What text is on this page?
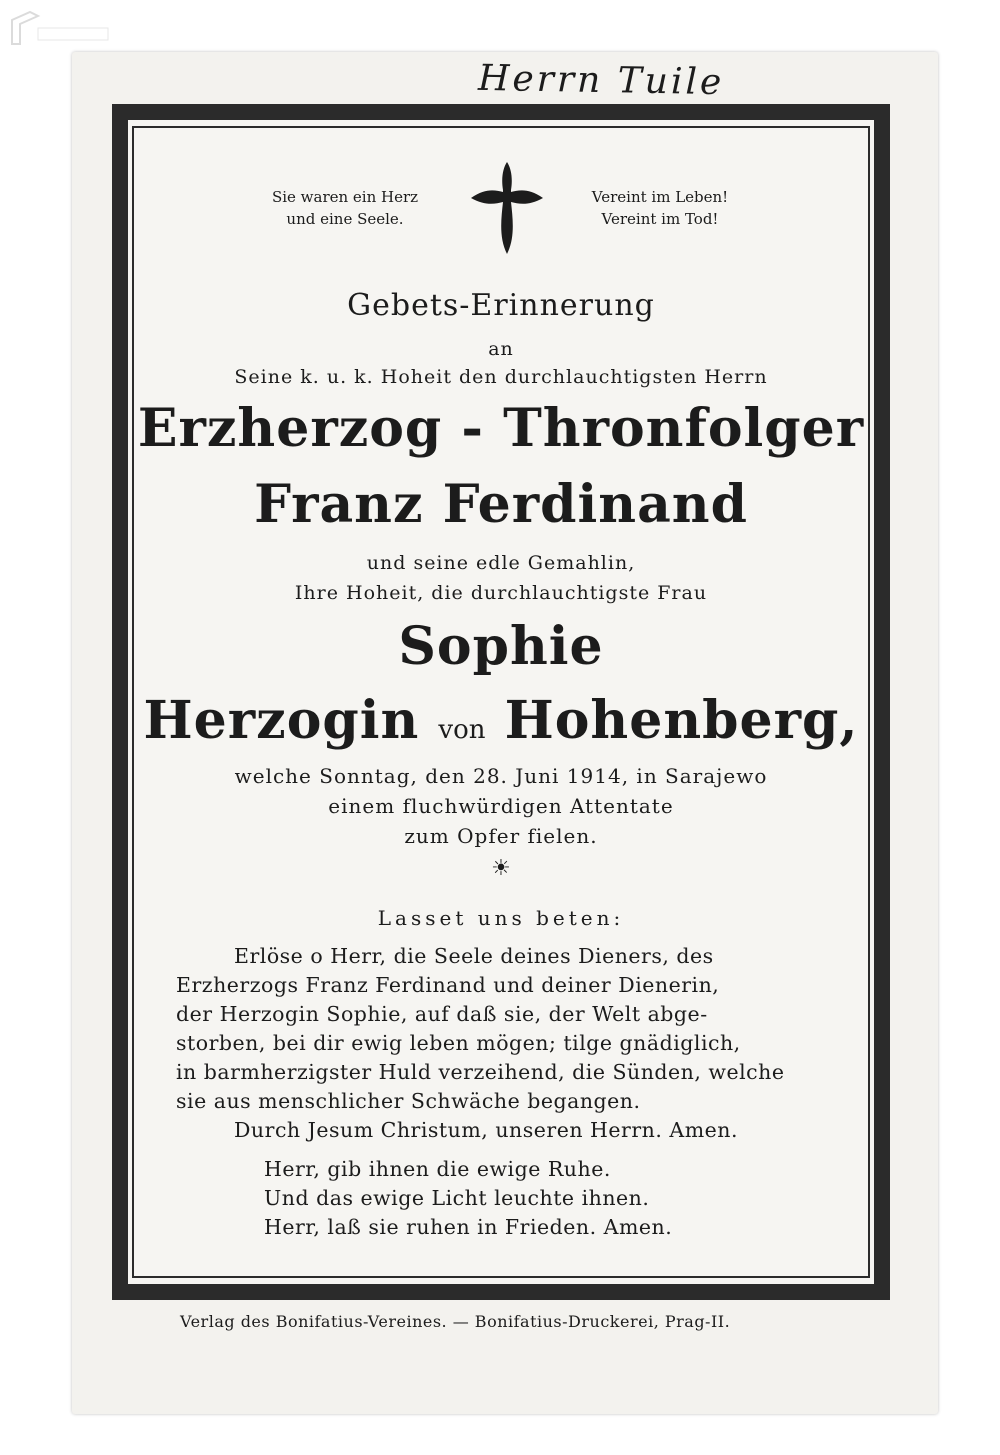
Herrn Tuile
Sie waren ein Herz
und eine Seele.
Vereint im Leben!
Vereint im Tod!
Gebets-Erinnerung
an
Seine k. u. k. Hoheit den durchlauchtigsten Herrn
Erzherzog - Thronfolger
Franz Ferdinand
und seine edle Gemahlin,
Ihre Hoheit, die durchlauchtigste Frau
Sophie
Herzogin von Hohenberg,
welche Sonntag, den 28. Juni 1914, in Sarajewo
einem fluchwürdigen Attentate
zum Opfer fielen.
☀
Lasset uns beten:
Erlöse o Herr, die Seele deines Dieners, des
Erzherzogs Franz Ferdinand und deiner Dienerin,
der Herzogin Sophie, auf daß sie, der Welt abge-
storben, bei dir ewig leben mögen; tilge gnädiglich,
in barmherzigster Huld verzeihend, die Sünden, welche
sie aus menschlicher Schwäche begangen.
Durch Jesum Christum, unseren Herrn. Amen.
Herr, gib ihnen die ewige Ruhe.
Und das ewige Licht leuchte ihnen.
Herr, laß sie ruhen in Frieden. Amen.
Verlag des Bonifatius-Vereines. — Bonifatius-Druckerei, Prag-II.
